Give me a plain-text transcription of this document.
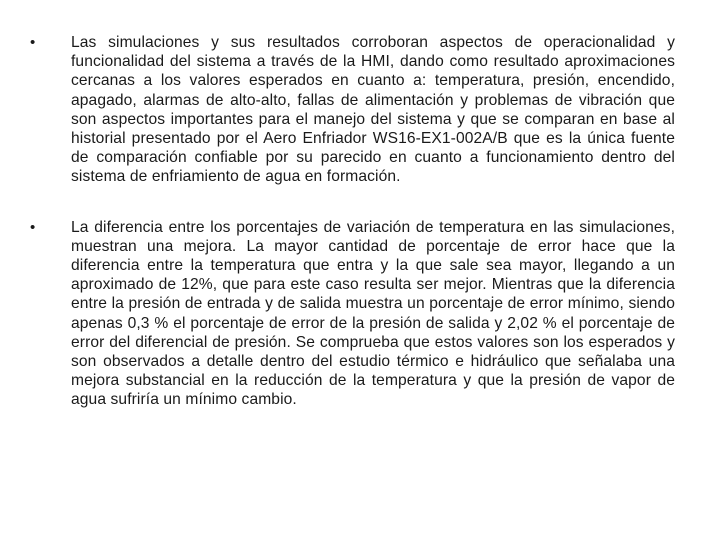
•	Las simulaciones y sus resultados corroboran aspectos de operacionalidad y funcionalidad del sistema a través de la HMI, dando como resultado aproximaciones cercanas a los valores esperados en cuanto a: temperatura, presión, encendido, apagado, alarmas de alto-alto, fallas de alimentación y problemas de vibración que son aspectos importantes para el manejo del sistema y que se comparan en base al historial presentado por el Aero Enfriador WS16-EX1-002A/B que es la única fuente de comparación confiable por su parecido en cuanto a funcionamiento dentro del sistema de enfriamiento de agua en formación.
•	La diferencia entre los porcentajes de variación de temperatura en las simulaciones, muestran una mejora. La mayor cantidad de porcentaje de error hace que la diferencia entre la temperatura que entra y la que sale sea mayor, llegando a un aproximado de 12%, que para este caso resulta ser mejor. Mientras que la diferencia entre la presión de entrada y de salida muestra un porcentaje de error mínimo, siendo apenas 0,3 % el porcentaje de error de la presión de salida y 2,02 % el porcentaje de error del diferencial de presión. Se comprueba que estos valores son los esperados y son observados a detalle dentro del estudio térmico e hidráulico que señalaba una mejora substancial en la reducción de la temperatura y que la presión de vapor de agua sufriría un mínimo cambio.
